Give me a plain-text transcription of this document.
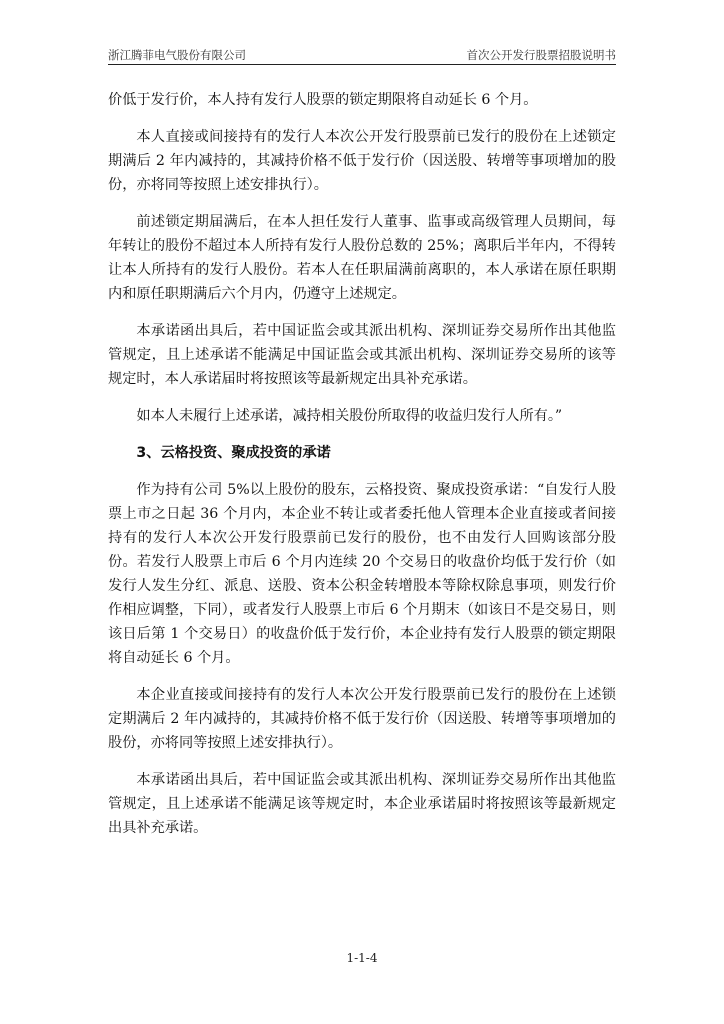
浙江腾菲电气股份有限公司	首次公开发行股票招股说明书

价低于发行价，本人持有发行人股票的锁定期限将自动延长 6 个月。

本人直接或间接持有的发行人本次公开发行股票前已发行的股份在上述锁定期满后 2 年内减持的，其减持价格不低于发行价（因送股、转增等事项增加的股份，亦将同等按照上述安排执行）。

前述锁定期届满后，在本人担任发行人董事、监事或高级管理人员期间，每年转让的股份不超过本人所持有发行人股份总数的 25%；离职后半年内，不得转让本人所持有的发行人股份。若本人在任职届满前离职的，本人承诺在原任职期内和原任职期满后六个月内，仍遵守上述规定。

本承诺函出具后，若中国证监会或其派出机构、深圳证券交易所作出其他监管规定，且上述承诺不能满足中国证监会或其派出机构、深圳证券交易所的该等规定时，本人承诺届时将按照该等最新规定出具补充承诺。

如本人未履行上述承诺，减持相关股份所取得的收益归发行人所有。”

3、云格投资、聚成投资的承诺

作为持有公司 5%以上股份的股东，云格投资、聚成投资承诺：“自发行人股票上市之日起 36 个月内，本企业不转让或者委托他人管理本企业直接或者间接持有的发行人本次公开发行股票前已发行的股份，也不由发行人回购该部分股份。若发行人股票上市后 6 个月内连续 20 个交易日的收盘价均低于发行价（如发行人发生分红、派息、送股、资本公积金转增股本等除权除息事项，则发行价作相应调整，下同），或者发行人股票上市后 6 个月期末（如该日不是交易日，则该日后第 1 个交易日）的收盘价低于发行价，本企业持有发行人股票的锁定期限将自动延长 6 个月。

本企业直接或间接持有的发行人本次公开发行股票前已发行的股份在上述锁定期满后 2 年内减持的，其减持价格不低于发行价（因送股、转增等事项增加的股份，亦将同等按照上述安排执行）。

本承诺函出具后，若中国证监会或其派出机构、深圳证券交易所作出其他监管规定，且上述承诺不能满足该等规定时，本企业承诺届时将按照该等最新规定出具补充承诺。

1-1-4
